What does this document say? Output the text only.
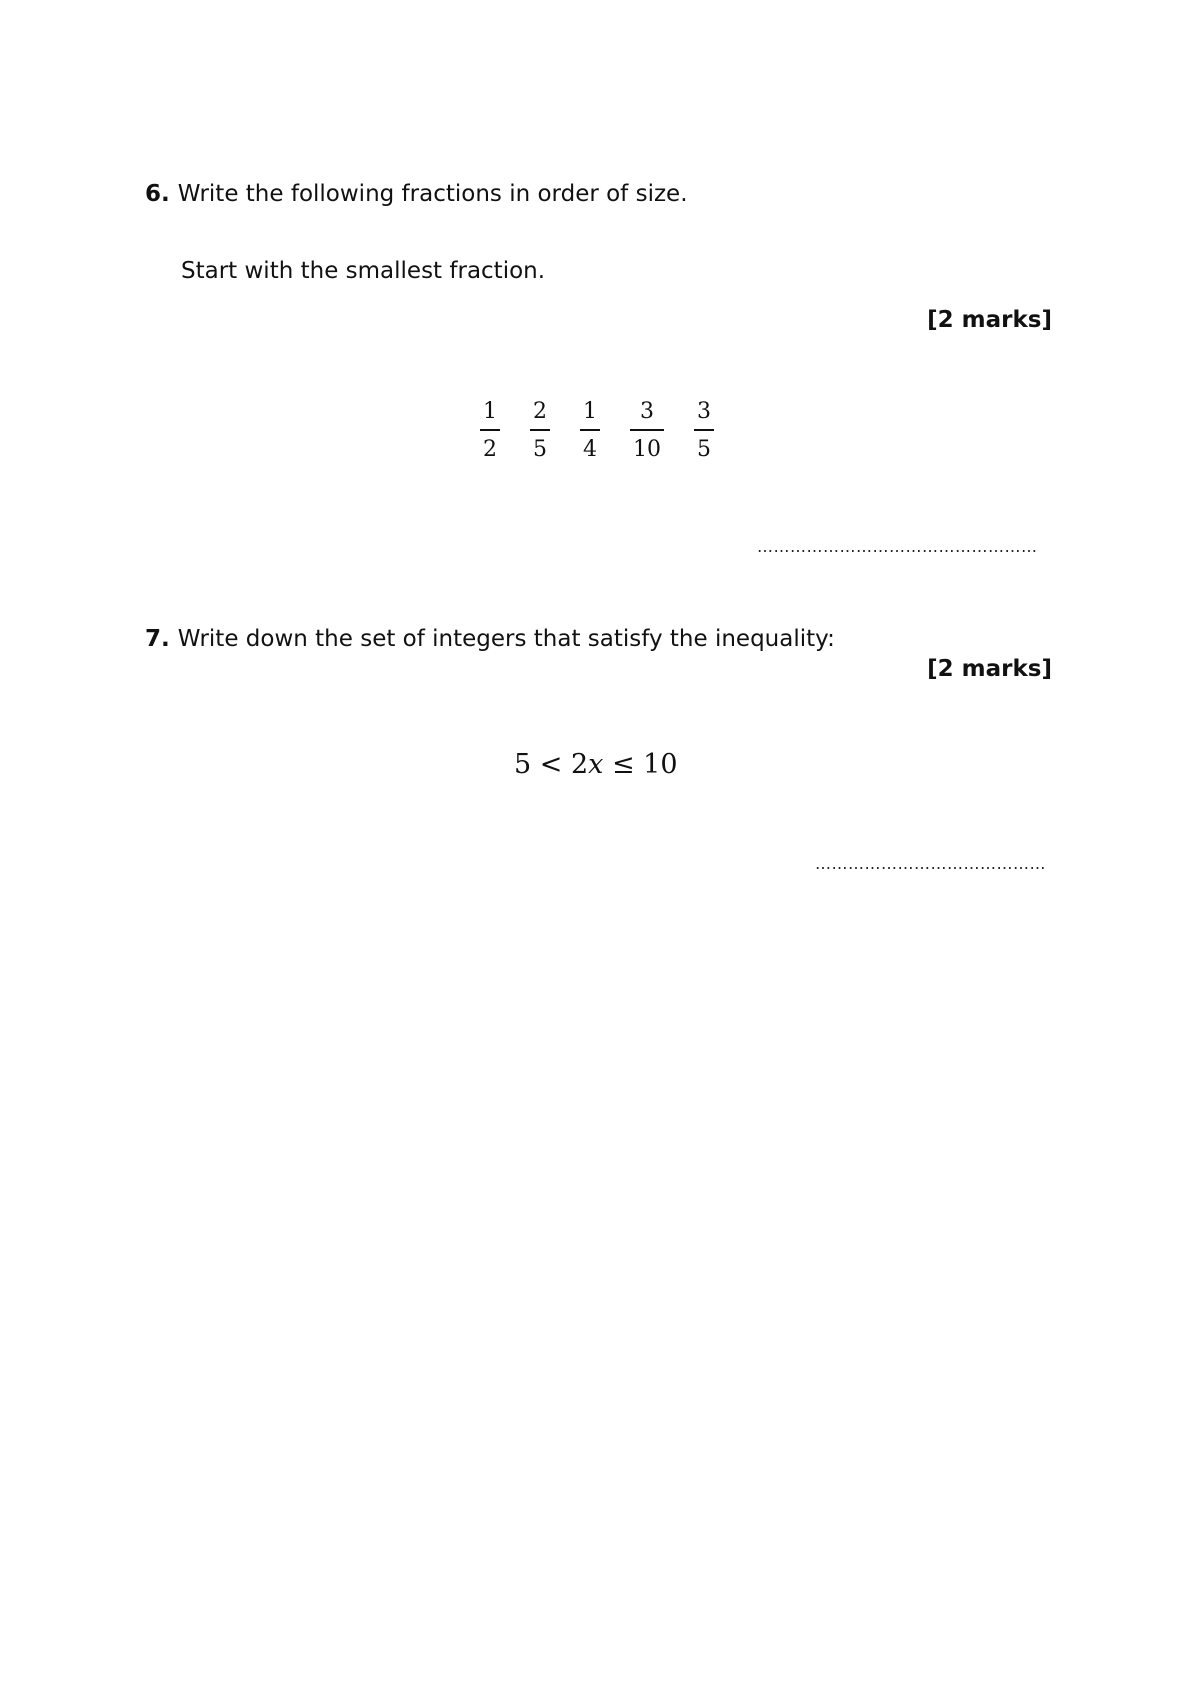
6. Write the following fractions in order of size.
Start with the smallest fraction.
[2 marks]
$\frac{1}{2} \frac{2}{5} \frac{1}{4} \frac{3}{10} \frac{3}{5}$
……………………………………………
7. Write down the set of integers that satisfy the inequality:
[2 marks]
5 < 2𝑥 ≤ 10
……………………………………
